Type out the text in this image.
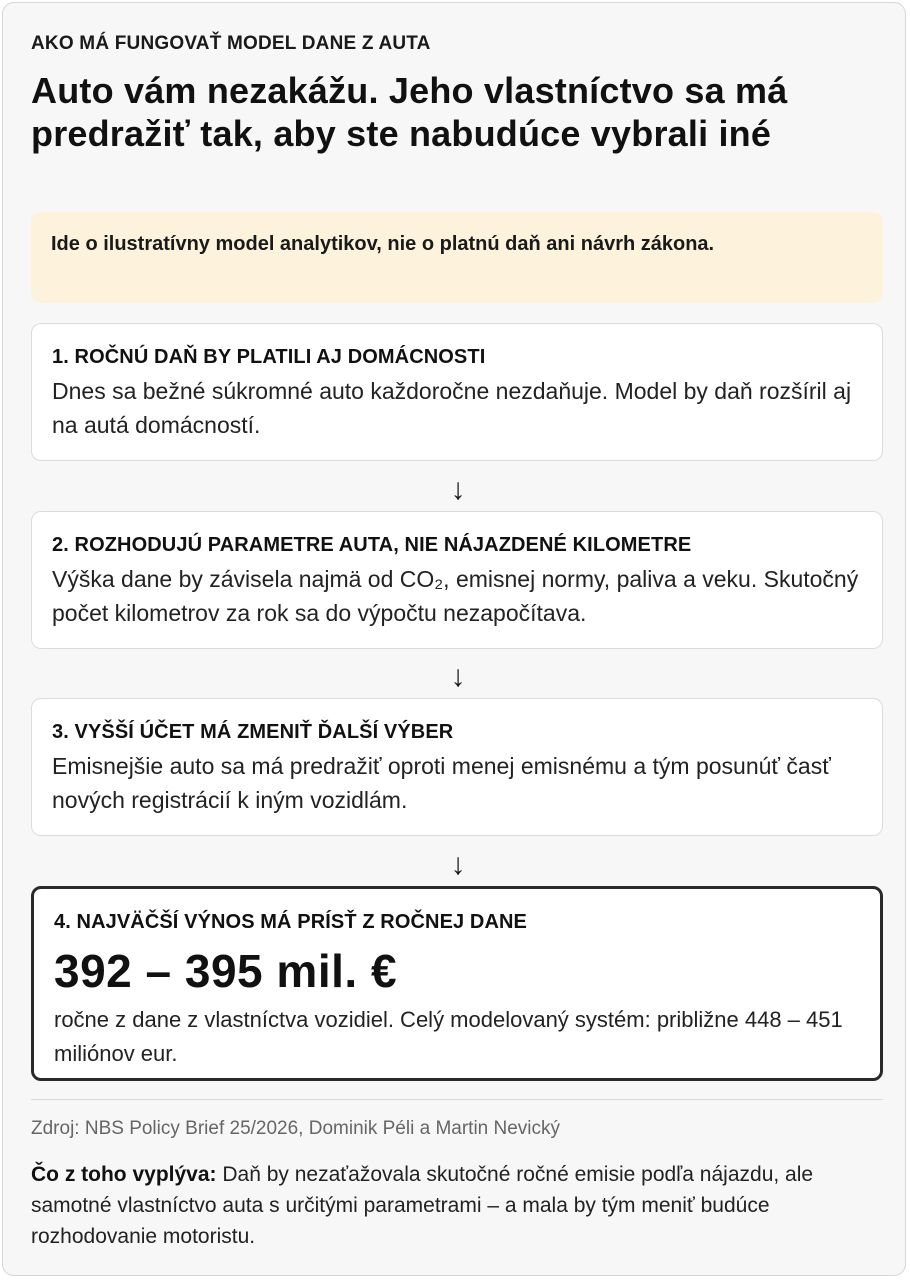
AKO MÁ FUNGOVAŤ MODEL DANE Z AUTA

Auto vám nezakážu. Jeho vlastníctvo sa má predražiť tak, aby ste nabudúce vybrali iné

Ide o ilustratívny model analytikov, nie o platnú daň ani návrh zákona.

1. ROČNÚ DAŇ BY PLATILI AJ DOMÁCNOSTI

Dnes sa bežné súkromné auto každoročne nezdaňuje. Model by daň rozšíril aj na autá domácností.

↓

2. ROZHODUJÚ PARAMETRE AUTA, NIE NÁJAZDENÉ KILOMETRE

Výška dane by závisela najmä od CO₂, emisnej normy, paliva a veku. Skutočný počet kilometrov za rok sa do výpočtu nezapočítava.

↓

3. VYŠŠÍ ÚČET MÁ ZMENIŤ ĎALŠÍ VÝBER

Emisnejšie auto sa má predražiť oproti menej emisnému a tým posunúť časť nových registrácií k iným vozidlám.

↓

4. NAJVÄČŠÍ VÝNOS MÁ PRÍSŤ Z ROČNEJ DANE

392 – 395 mil. €

ročne z dane z vlastníctva vozidiel. Celý modelovaný systém: približne 448 – 451 miliónov eur.

Zdroj: NBS Policy Brief 25/2026, Dominik Péli a Martin Nevický

Čo z toho vyplýva: Daň by nezaťažovala skutočné ročné emisie podľa nájazdu, ale samotné vlastníctvo auta s určitými parametrami – a mala by tým meniť budúce rozhodovanie motoristu.
